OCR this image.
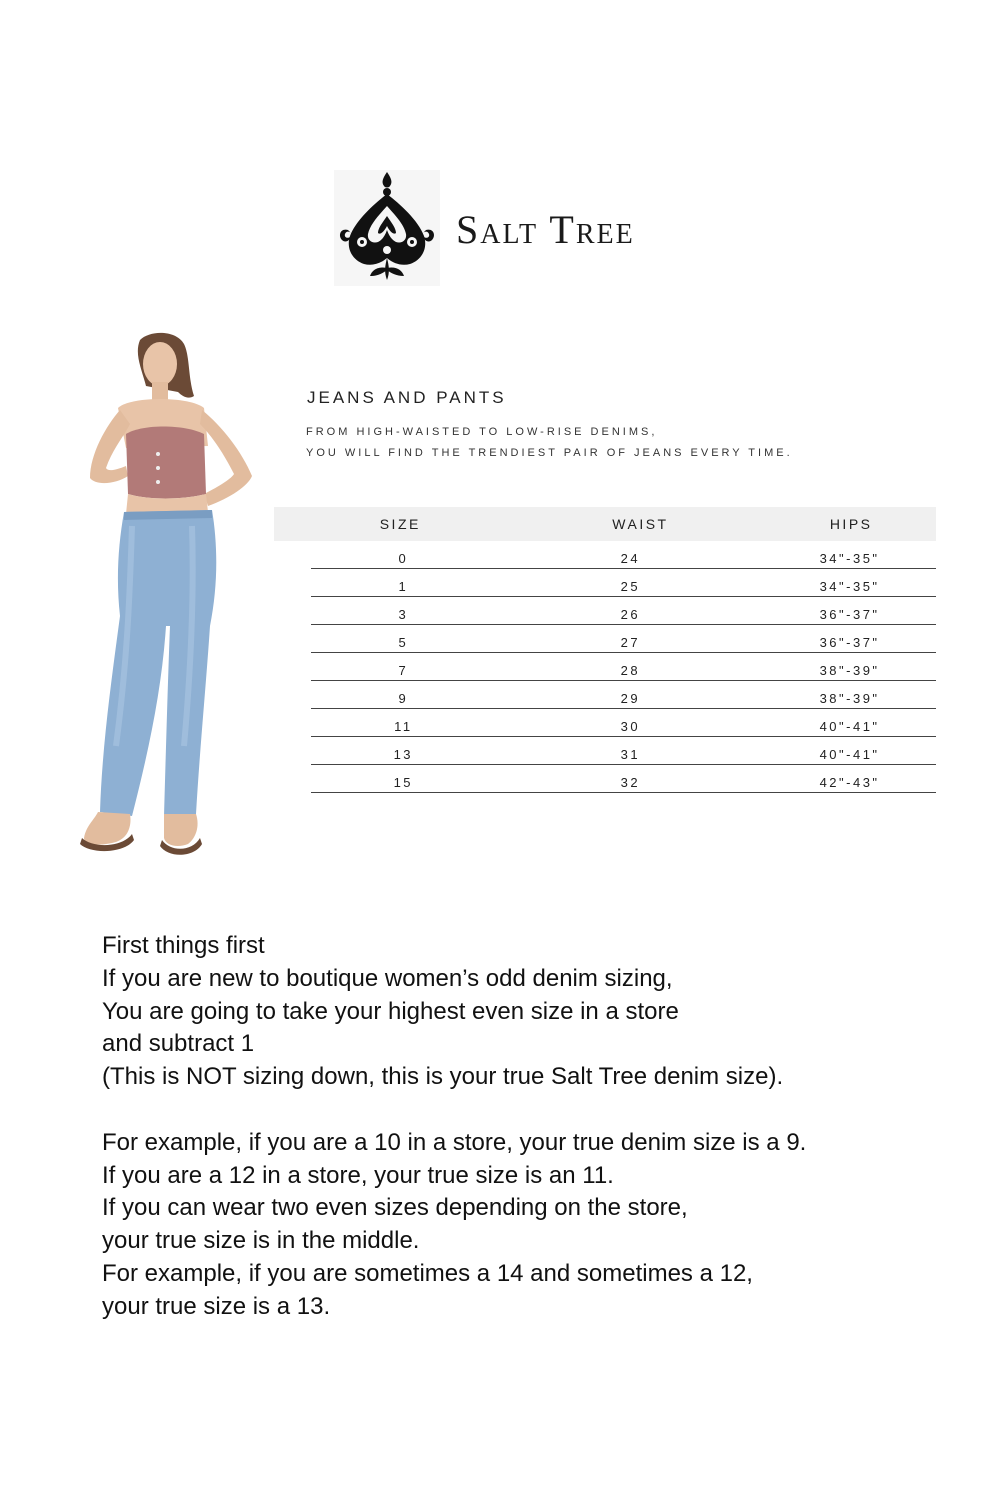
Salt Tree
JEANS AND PANTS
FROM HIGH-WAISTED TO LOW-RISE DENIMS,
YOU WILL FIND THE TRENDIEST PAIR OF JEANS EVERY TIME.
SIZE	WAIST	HIPS
0	24	34"-35"
1	25	34"-35"
3	26	36"-37"
5	27	36"-37"
7	28	38"-39"
9	29	38"-39"
11	30	40"-41"
13	31	40"-41"
15	32	42"-43"
First things first
If you are new to boutique women’s odd denim sizing,
You are going to take your highest even size in a store
and subtract 1
(This is NOT sizing down, this is your true Salt Tree denim size).
For example, if you are a 10 in a store, your true denim size is a 9.
If you are a 12 in a store, your true size is an 11.
If you can wear two even sizes depending on the store,
your true size is in the middle.
For example, if you are sometimes a 14 and sometimes a 12,
your true size is a 13.
